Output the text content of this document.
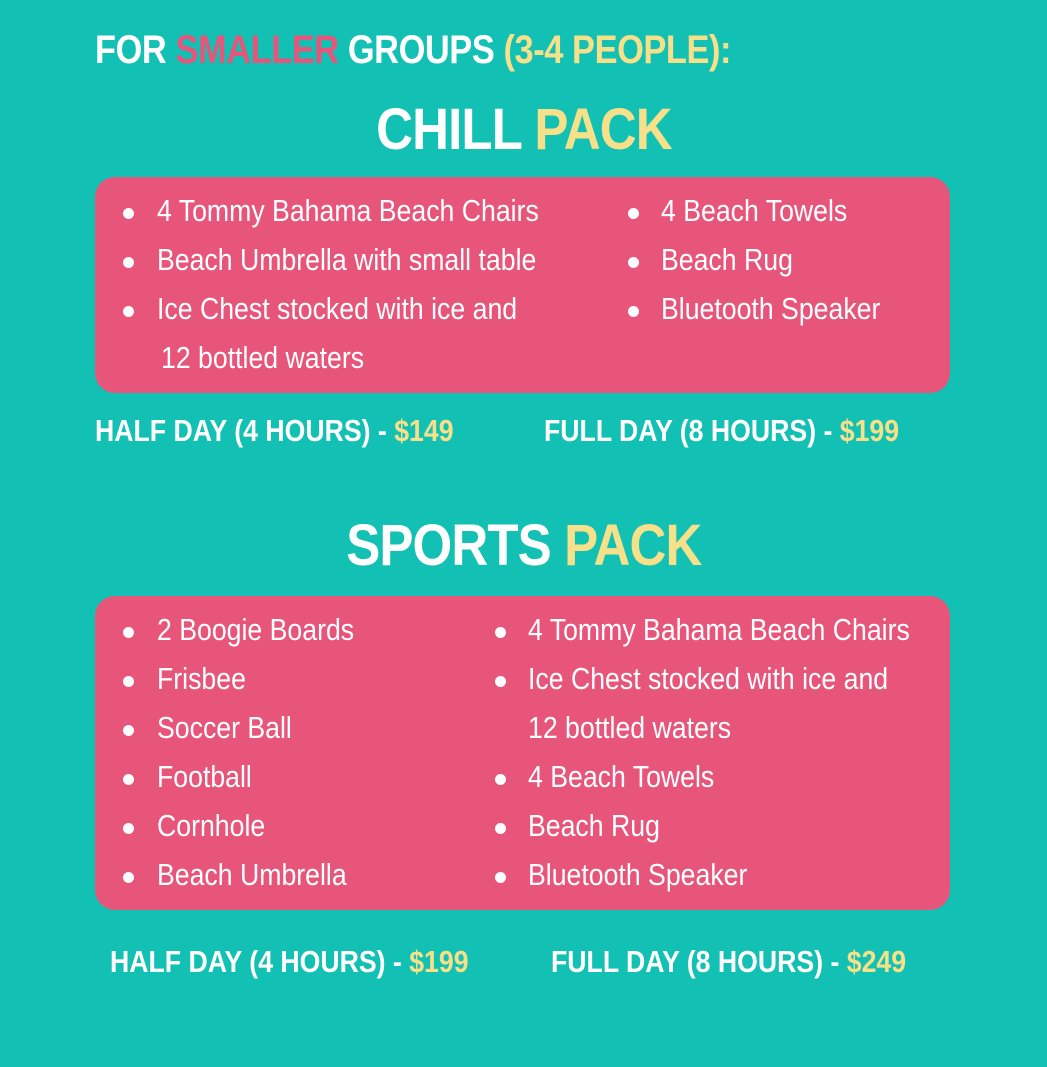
FOR SMALLER GROUPS (3-4 PEOPLE):
CHILL PACK
4 Tommy Bahama Beach Chairs
Beach Umbrella with small table
Ice Chest stocked with ice and
12 bottled waters
4 Beach Towels
Beach Rug
Bluetooth Speaker
HALF DAY (4 HOURS) - $149	FULL DAY (8 HOURS) - $199
SPORTS PACK
2 Boogie Boards
Frisbee
Soccer Ball
Football
Cornhole
Beach Umbrella
4 Tommy Bahama Beach Chairs
Ice Chest stocked with ice and
12 bottled waters
4 Beach Towels
Beach Rug
Bluetooth Speaker
HALF DAY (4 HOURS) - $199	FULL DAY (8 HOURS) - $249
